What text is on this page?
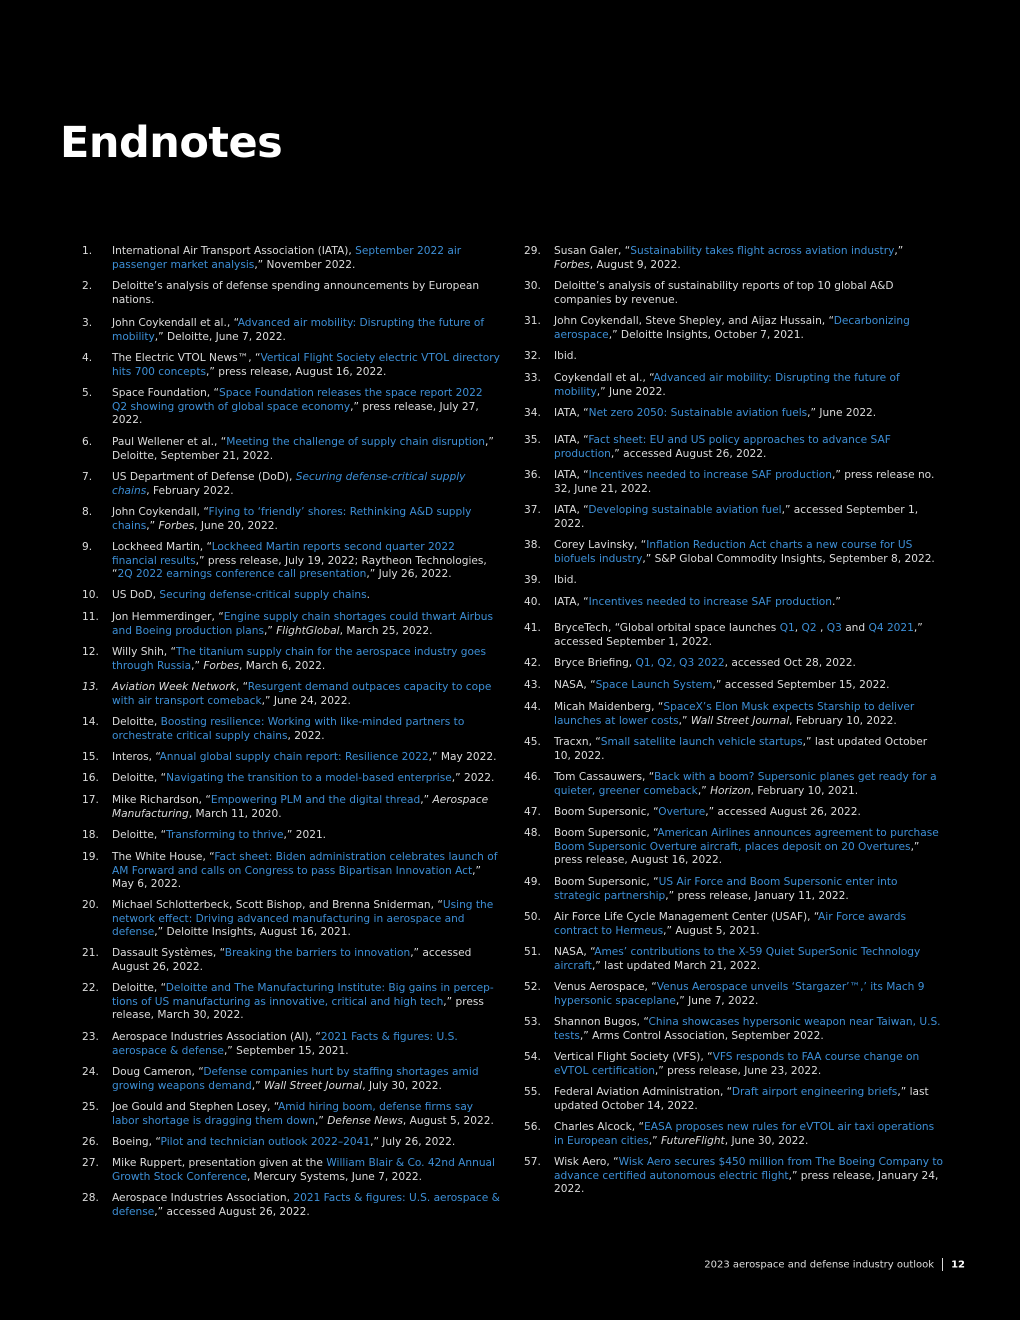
Endnotes
1. International Air Transport Association (IATA), September 2022 air passenger market analysis,” November 2022.
2. Deloitte’s analysis of defense spending announcements by European nations.
3. John Coykendall et al., “Advanced air mobility: Disrupting the future of mobility,” Deloitte, June 7, 2022.
4. The Electric VTOL News™, “Vertical Flight Society electric VTOL directory hits 700 concepts,” press release, August 16, 2022.
5. Space Foundation, “Space Foundation releases the space report 2022 Q2 showing growth of global space economy,” press release, July 27, 2022.
6. Paul Wellener et al., “Meeting the challenge of supply chain disruption,” Deloitte, September 21, 2022.
7. US Department of Defense (DoD), Securing defense-critical supply chains, February 2022.
8. John Coykendall, “Flying to ‘friendly’ shores: Rethinking A&D supply chains,” Forbes, June 20, 2022.
9. Lockheed Martin, “Lockheed Martin reports second quarter 2022 financial results,” press release, July 19, 2022; Raytheon Technologies, “2Q 2022 earnings conference call presentation,” July 26, 2022.
10. US DoD, Securing defense-critical supply chains.
11. Jon Hemmerdinger, “Engine supply chain shortages could thwart Airbus and Boeing production plans,” FlightGlobal, March 25, 2022.
12. Willy Shih, “The titanium supply chain for the aerospace industry goes through Russia,” Forbes, March 6, 2022.
13. Aviation Week Network, “Resurgent demand outpaces capacity to cope with air transport comeback,” June 24, 2022.
14. Deloitte, Boosting resilience: Working with like-minded partners to orchestrate critical supply chains, 2022.
15. Interos, “Annual global supply chain report: Resilience 2022,” May 2022.
16. Deloitte, “Navigating the transition to a model-based enterprise,” 2022.
17. Mike Richardson, “Empowering PLM and the digital thread,” Aerospace Manufacturing, March 11, 2020.
18. Deloitte, “Transforming to thrive,” 2021.
19. The White House, “Fact sheet: Biden administration celebrates launch of AM Forward and calls on Congress to pass Bipartisan Innovation Act,” May 6, 2022.
20. Michael Schlotterbeck, Scott Bishop, and Brenna Sniderman, “Using the network effect: Driving advanced manufacturing in aerospace and defense,” Deloitte Insights, August 16, 2021.
21. Dassault Systèmes, “Breaking the barriers to innovation,” accessed August 26, 2022.
22. Deloitte, “Deloitte and The Manufacturing Institute: Big gains in percep-tions of US manufacturing as innovative, critical and high tech,” press release, March 30, 2022.
23. Aerospace Industries Association (AI), “2021 Facts & figures: U.S. aerospace & defense,” September 15, 2021.
24. Doug Cameron, “Defense companies hurt by staffing shortages amid growing weapons demand,” Wall Street Journal, July 30, 2022.
25. Joe Gould and Stephen Losey, “Amid hiring boom, defense firms say labor shortage is dragging them down,” Defense News, August 5, 2022.
26. Boeing, “Pilot and technician outlook 2022–2041,” July 26, 2022.
27. Mike Ruppert, presentation given at the William Blair & Co. 42nd Annual Growth Stock Conference, Mercury Systems, June 7, 2022.
28. Aerospace Industries Association, 2021 Facts & figures: U.S. aerospace & defense,” accessed August 26, 2022.
29. Susan Galer, “Sustainability takes flight across aviation industry,” Forbes, August 9, 2022.
30. Deloitte’s analysis of sustainability reports of top 10 global A&D companies by revenue.
31. John Coykendall, Steve Shepley, and Aijaz Hussain, “Decarbonizing aerospace,” Deloitte Insights, October 7, 2021.
32. Ibid.
33. Coykendall et al., “Advanced air mobility: Disrupting the future of mobility,” June 2022.
34. IATA, “Net zero 2050: Sustainable aviation fuels,” June 2022.
35. IATA, “Fact sheet: EU and US policy approaches to advance SAF production,” accessed August 26, 2022.
36. IATA, “Incentives needed to increase SAF production,” press release no. 32, June 21, 2022.
37. IATA, “Developing sustainable aviation fuel,” accessed September 1, 2022.
38. Corey Lavinsky, “Inflation Reduction Act charts a new course for US biofuels industry,” S&P Global Commodity Insights, September 8, 2022.
39. Ibid.
40. IATA, “Incentives needed to increase SAF production.”
41. BryceTech, “Global orbital space launches Q1, Q2 , Q3 and Q4 2021,” accessed September 1, 2022.
42. Bryce Briefing, Q1, Q2, Q3 2022, accessed Oct 28, 2022.
43. NASA, “Space Launch System,” accessed September 15, 2022.
44. Micah Maidenberg, “SpaceX’s Elon Musk expects Starship to deliver launches at lower costs,” Wall Street Journal, February 10, 2022.
45. Tracxn, “Small satellite launch vehicle startups,” last updated October 10, 2022.
46. Tom Cassauwers, “Back with a boom? Supersonic planes get ready for a quieter, greener comeback,” Horizon, February 10, 2021.
47. Boom Supersonic, “Overture,” accessed August 26, 2022.
48. Boom Supersonic, “American Airlines announces agreement to purchase Boom Supersonic Overture aircraft, places deposit on 20 Overtures,” press release, August 16, 2022.
49. Boom Supersonic, “US Air Force and Boom Supersonic enter into strategic partnership,” press release, January 11, 2022.
50. Air Force Life Cycle Management Center (USAF), “Air Force awards contract to Hermeus,” August 5, 2021.
51. NASA, “Ames’ contributions to the X-59 Quiet SuperSonic Technology aircraft,” last updated March 21, 2022.
52. Venus Aerospace, “Venus Aerospace unveils ‘Stargazer’™,’ its Mach 9 hypersonic spaceplane,” June 7, 2022.
53. Shannon Bugos, “China showcases hypersonic weapon near Taiwan, U.S. tests,” Arms Control Association, September 2022.
54. Vertical Flight Society (VFS), “VFS responds to FAA course change on eVTOL certification,” press release, June 23, 2022.
55. Federal Aviation Administration, “Draft airport engineering briefs,” last updated October 14, 2022.
56. Charles Alcock, “EASA proposes new rules for eVTOL air taxi operations in European cities,” FutureFlight, June 30, 2022.
57. Wisk Aero, “Wisk Aero secures $450 million from The Boeing Company to advance certified autonomous electric flight,” press release, January 24, 2022.
2023 aerospace and defense industry outlook 12
